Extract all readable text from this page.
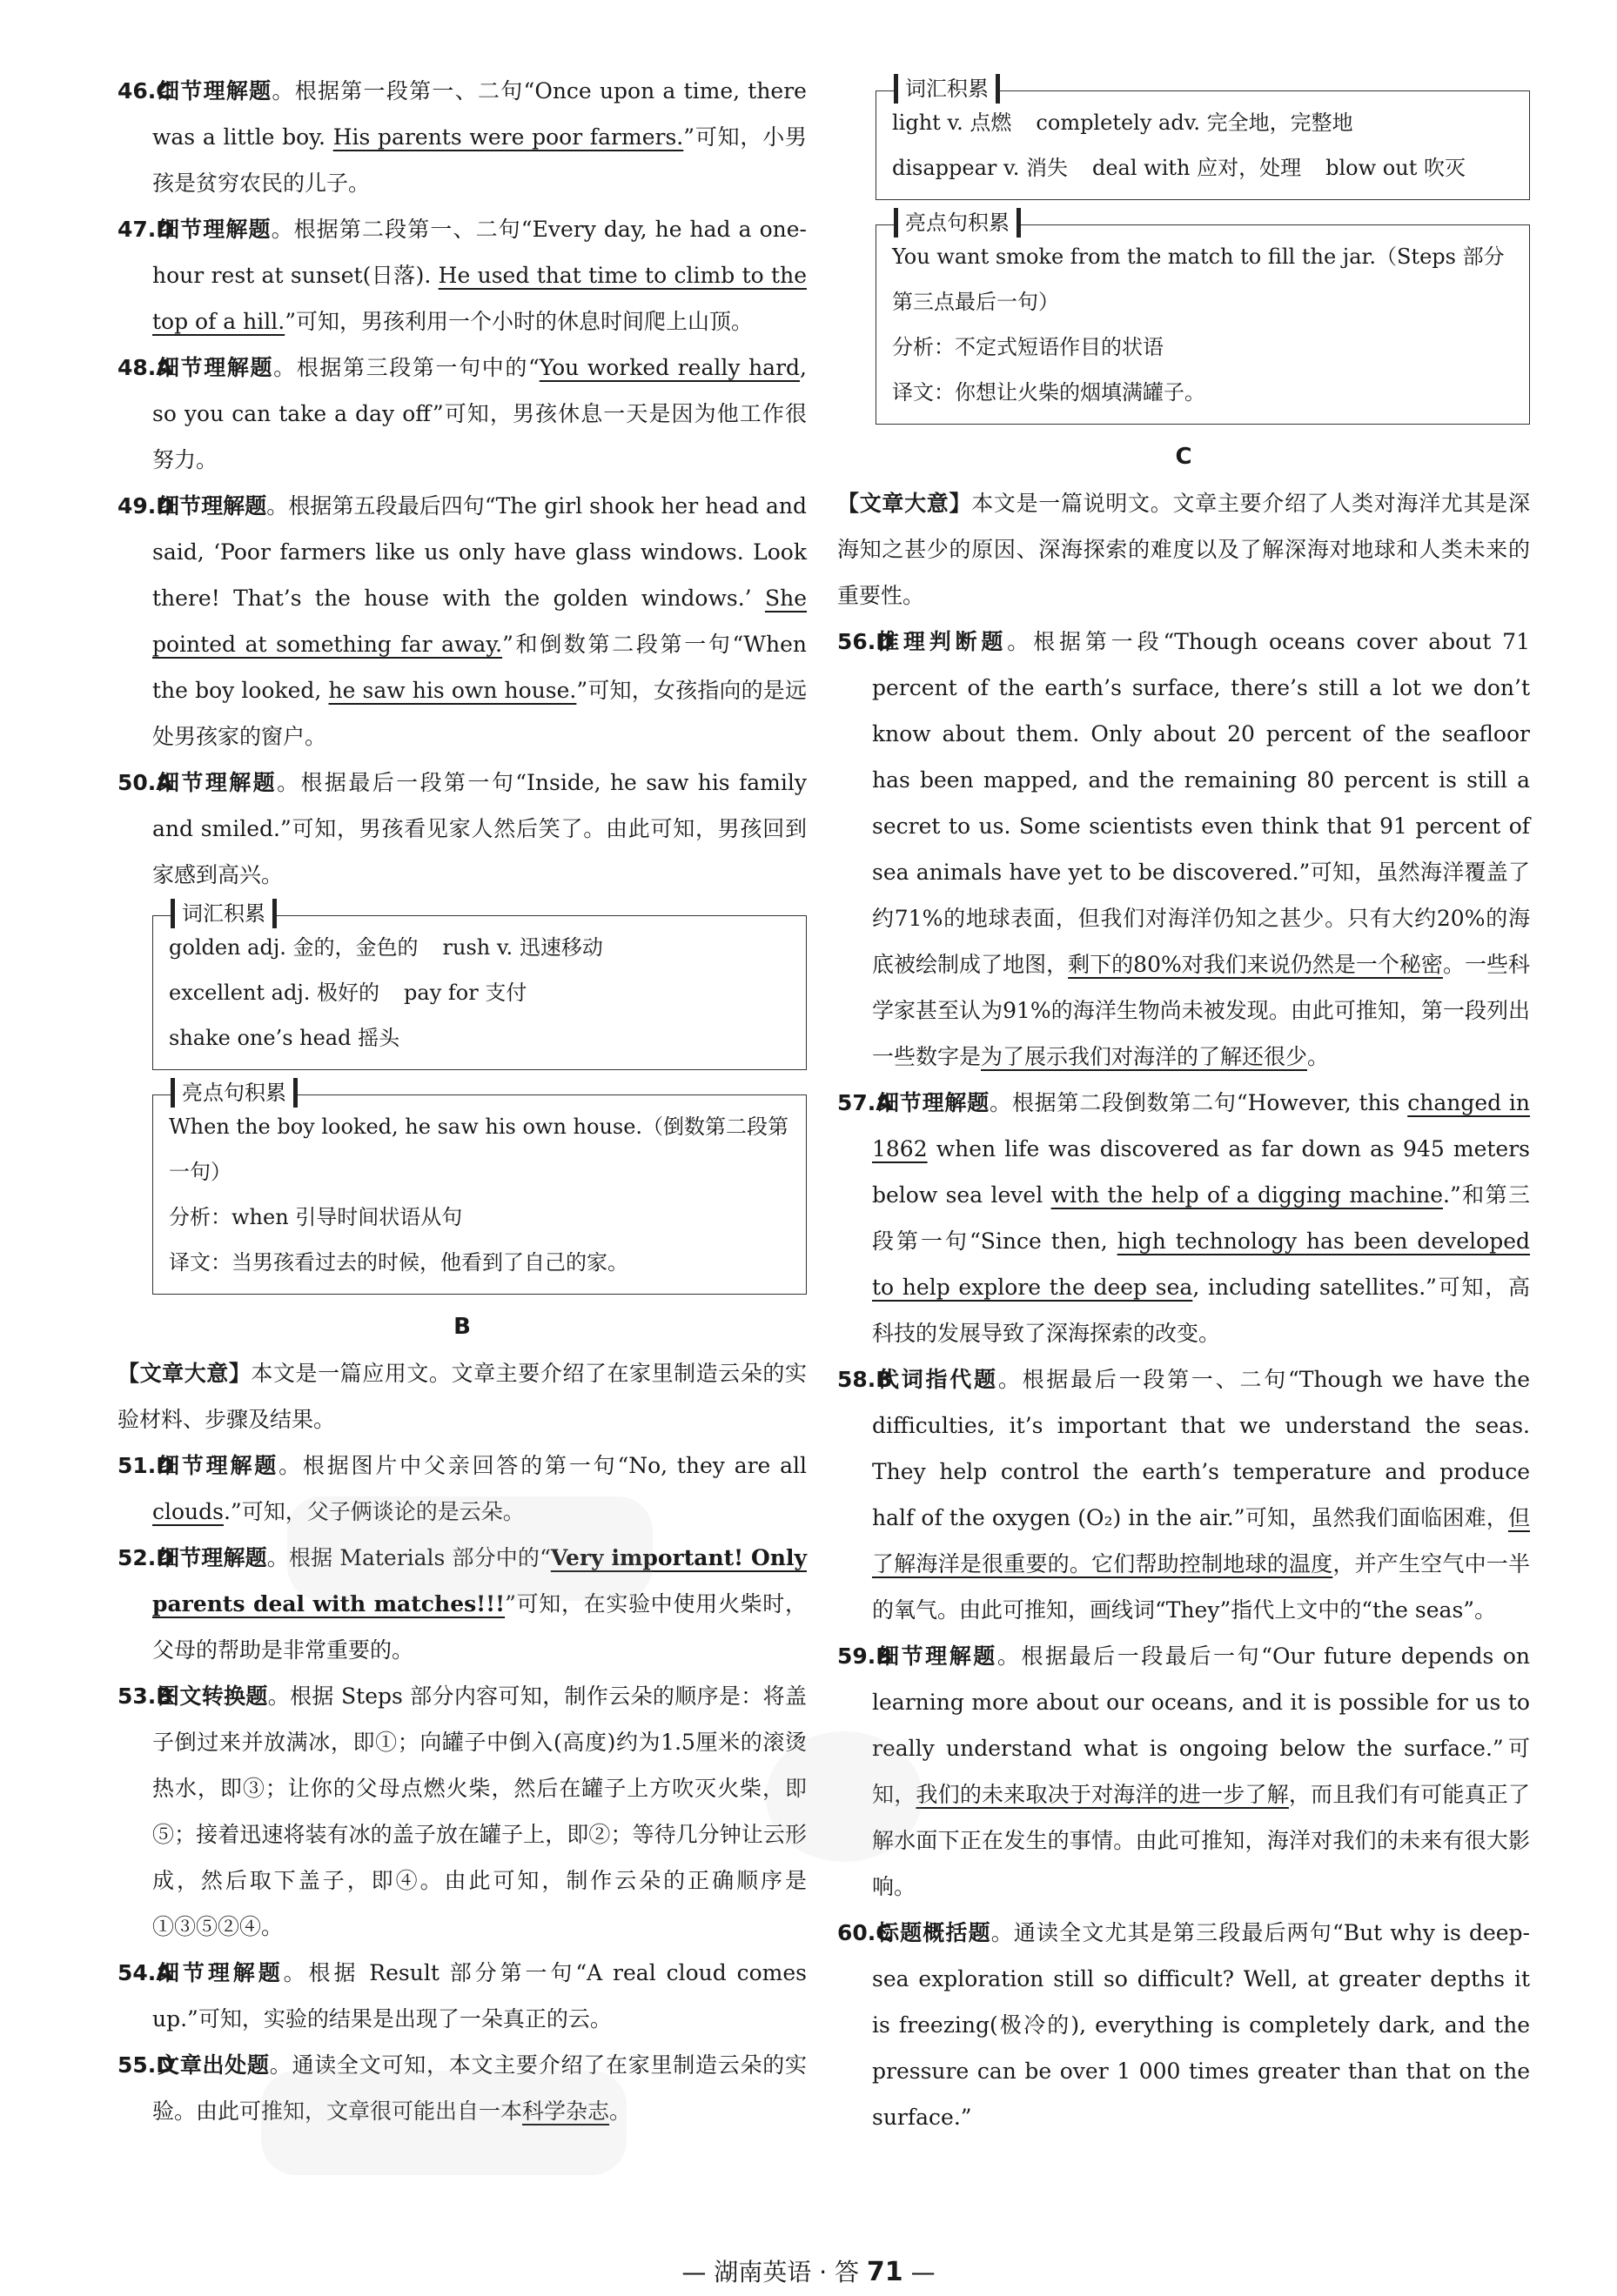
46.C

细节理解题。根据第一段第一、二句“Once upon a time, there was a little boy. His parents were poor farmers.”可知，小男孩是贫穷农民的儿子。

47.D

细节理解题。根据第二段第一、二句“Every day, he had a one-hour rest at sunset(日落). He used that time to climb to the top of a hill.”可知，男孩利用一个小时的休息时间爬上山顶。

48.A

细节理解题。根据第三段第一句中的“You worked really hard, so you can take a day off”可知，男孩休息一天是因为他工作很努力。

49.D

细节理解题。根据第五段最后四句“The girl shook her head and said, ‘Poor farmers like us only have glass windows. Look there! That’s the house with the golden windows.’ She pointed at something far away.”和倒数第二段第一句“When the boy looked, he saw his own house.”可知，女孩指向的是远处男孩家的窗户。

50.A

细节理解题。根据最后一段第一句“Inside, he saw his family and smiled.”可知，男孩看见家人然后笑了。由此可知，男孩回到家感到高兴。

词汇积累
golden adj. 金的，金色的 rush v. 迅速移动
excellent adj. 极好的 pay for 支付
shake one’s head 摇头
亮点句积累
When the boy looked, he saw his own house.（倒数第二段第一句）
分析：when 引导时间状语从句
译文：当男孩看过去的时候，他看到了自己的家。
B

【文章大意】本文是一篇应用文。文章主要介绍了在家里制造云朵的实验材料、步骤及结果。

51.D

细节理解题。根据图片中父亲回答的第一句“No, they are all clouds.”可知，父子俩谈论的是云朵。

52.D

细节理解题。根据 Materials 部分中的“Very important! Only parents deal with matches!!!”可知，在实验中使用火柴时，父母的帮助是非常重要的。

53.B

图文转换题。根据 Steps 部分内容可知，制作云朵的顺序是：将盖子倒过来并放满冰，即①；向罐子中倒入(高度)约为1.5厘米的滚烫热水，即③；让你的父母点燃火柴，然后在罐子上方吹灭火柴，即⑤；接着迅速将装有冰的盖子放在罐子上，即②；等待几分钟让云形成，然后取下盖子，即④。由此可知，制作云朵的正确顺序是①③⑤②④。

54.A

细节理解题。根据 Result 部分第一句“A real cloud comes up.”可知，实验的结果是出现了一朵真正的云。

55.D

文章出处题。通读全文可知，本文主要介绍了在家里制造云朵的实验。由此可推知，文章很可能出自一本科学杂志。

词汇积累
light v. 点燃 completely adv. 完全地，完整地
disappear v. 消失 deal with 应对，处理 blow out 吹灭
亮点句积累
You want smoke from the match to fill the jar.（Steps 部分第三点最后一句）
分析：不定式短语作目的状语
译文：你想让火柴的烟填满罐子。
C

【文章大意】本文是一篇说明文。文章主要介绍了人类对海洋尤其是深海知之甚少的原因、深海探索的难度以及了解深海对地球和人类未来的重要性。

56.D

推理判断题。根据第一段“Though oceans cover about 71 percent of the earth’s surface, there’s still a lot we don’t know about them. Only about 20 percent of the seafloor has been mapped, and the remaining 80 percent is still a secret to us. Some scientists even think that 91 percent of sea animals have yet to be discovered.”可知，虽然海洋覆盖了约71%的地球表面，但我们对海洋仍知之甚少。只有大约20%的海底被绘制成了地图，剩下的80%对我们来说仍然是一个秘密。一些科学家甚至认为91%的海洋生物尚未被发现。由此可推知，第一段列出一些数字是为了展示我们对海洋的了解还很少。

57.A

细节理解题。根据第二段倒数第二句“However, this changed in 1862 when life was discovered as far down as 945 meters below sea level with the help of a digging machine.”和第三段第一句“Since then, high technology has been developed to help explore the deep sea, including satellites.”可知，高科技的发展导致了深海探索的改变。

58.B

代词指代题。根据最后一段第一、二句“Though we have the difficulties, it’s important that we understand the seas. They help control the earth’s temperature and produce half of the oxygen (O₂) in the air.”可知，虽然我们面临困难，但了解海洋是很重要的。它们帮助控制地球的温度，并产生空气中一半的氧气。由此可推知，画线词“They”指代上文中的“the seas”。

59.B

细节理解题。根据最后一段最后一句“Our future depends on learning more about our oceans, and it is possible for us to really understand what is ongoing below the surface.”可知，我们的未来取决于对海洋的进一步了解，而且我们有可能真正了解水面下正在发生的事情。由此可推知，海洋对我们的未来有很大影响。

60.C

标题概括题。通读全文尤其是第三段最后两句“But why is deep-sea exploration still so difficult? Well, at greater depths it is freezing(极冷的), everything is completely dark, and the pressure can be over 1 000 times greater than that on the surface.”

— 湖南英语 · 答 71 —
